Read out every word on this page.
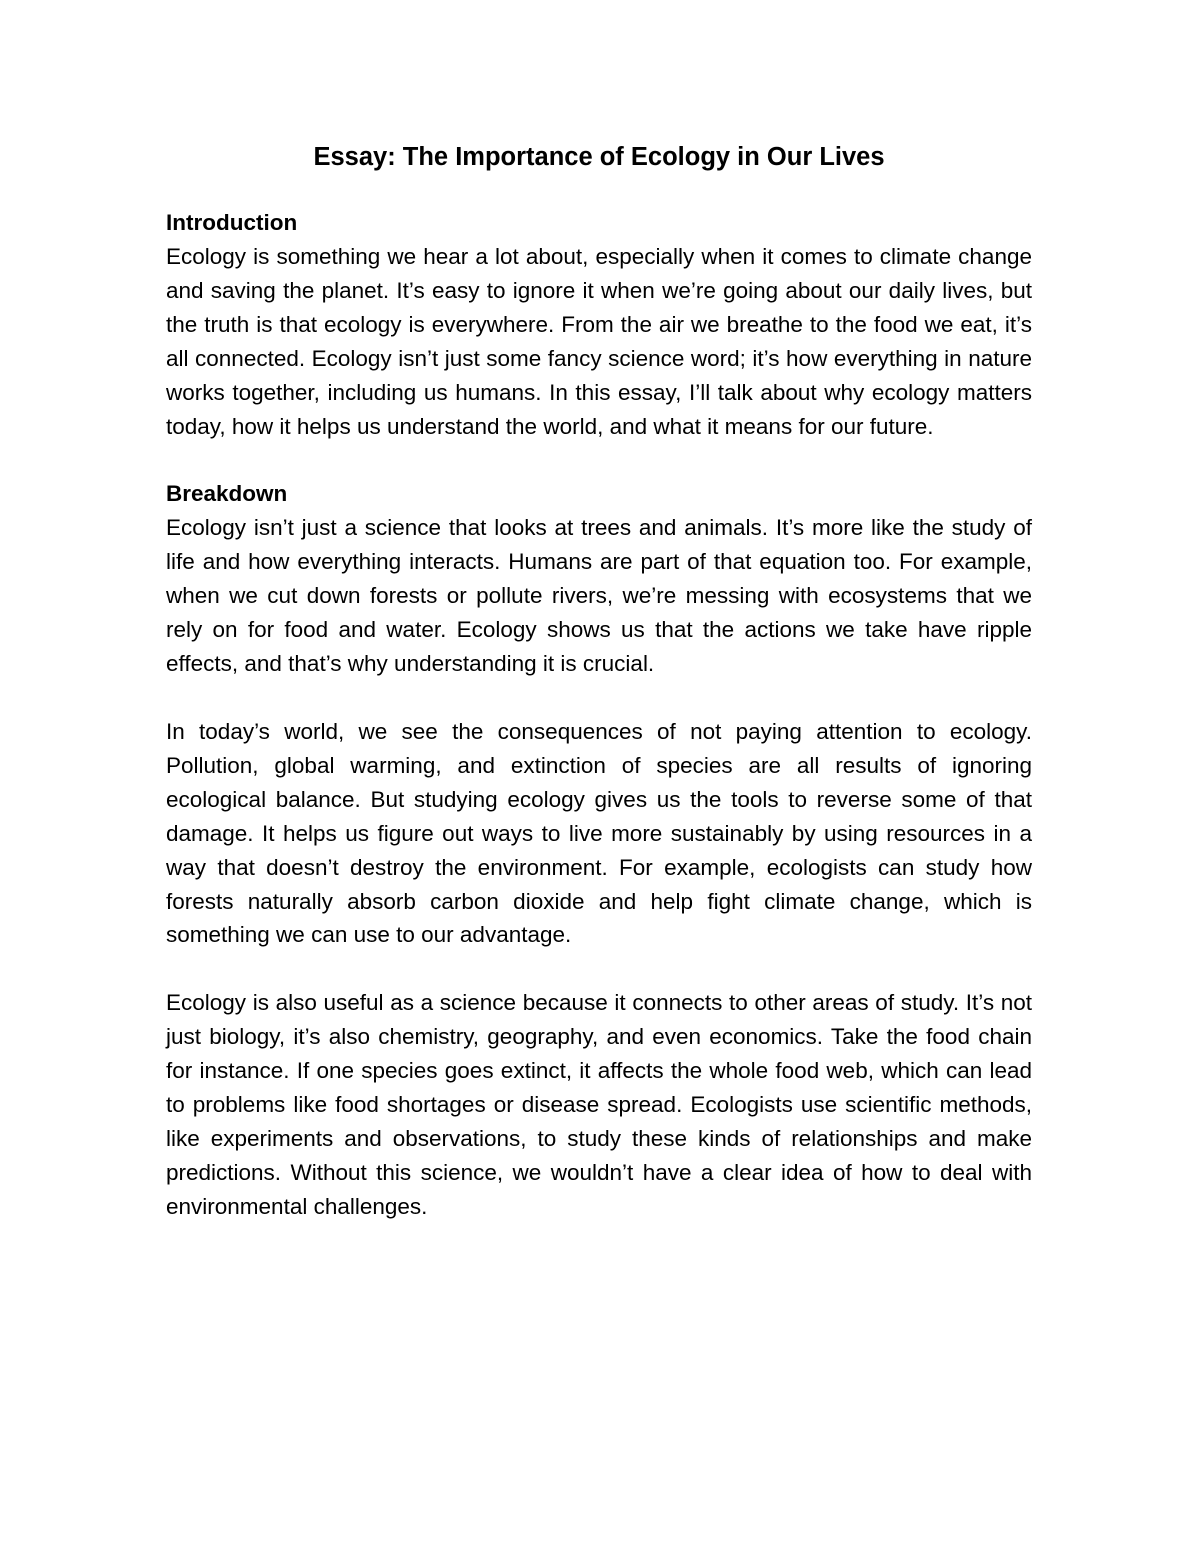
Essay: The Importance of Ecology in Our Lives
Introduction

Ecology is something we hear a lot about, especially when it comes to climate change and saving the planet. It’s easy to ignore it when we’re going about our daily lives, but the truth is that ecology is everywhere. From the air we breathe to the food we eat, it’s all connected. Ecology isn’t just some fancy science word; it’s how everything in nature works together, including us humans. In this essay, I’ll talk about why ecology matters today, how it helps us understand the world, and what it means for our future.

Breakdown

Ecology isn’t just a science that looks at trees and animals. It’s more like the study of life and how everything interacts. Humans are part of that equation too. For example, when we cut down forests or pollute rivers, we’re messing with ecosystems that we rely on for food and water. Ecology shows us that the actions we take have ripple effects, and that’s why understanding it is crucial.

In today’s world, we see the consequences of not paying attention to ecology. Pollution, global warming, and extinction of species are all results of ignoring ecological balance. But studying ecology gives us the tools to reverse some of that damage. It helps us figure out ways to live more sustainably by using resources in a way that doesn’t destroy the environment. For example, ecologists can study how forests naturally absorb carbon dioxide and help fight climate change, which is something we can use to our advantage.

Ecology is also useful as a science because it connects to other areas of study. It’s not just biology, it’s also chemistry, geography, and even economics. Take the food chain for instance. If one species goes extinct, it affects the whole food web, which can lead to problems like food shortages or disease spread. Ecologists use scientific methods, like experiments and observations, to study these kinds of relationships and make predictions. Without this science, we wouldn’t have a clear idea of how to deal with environmental challenges.
